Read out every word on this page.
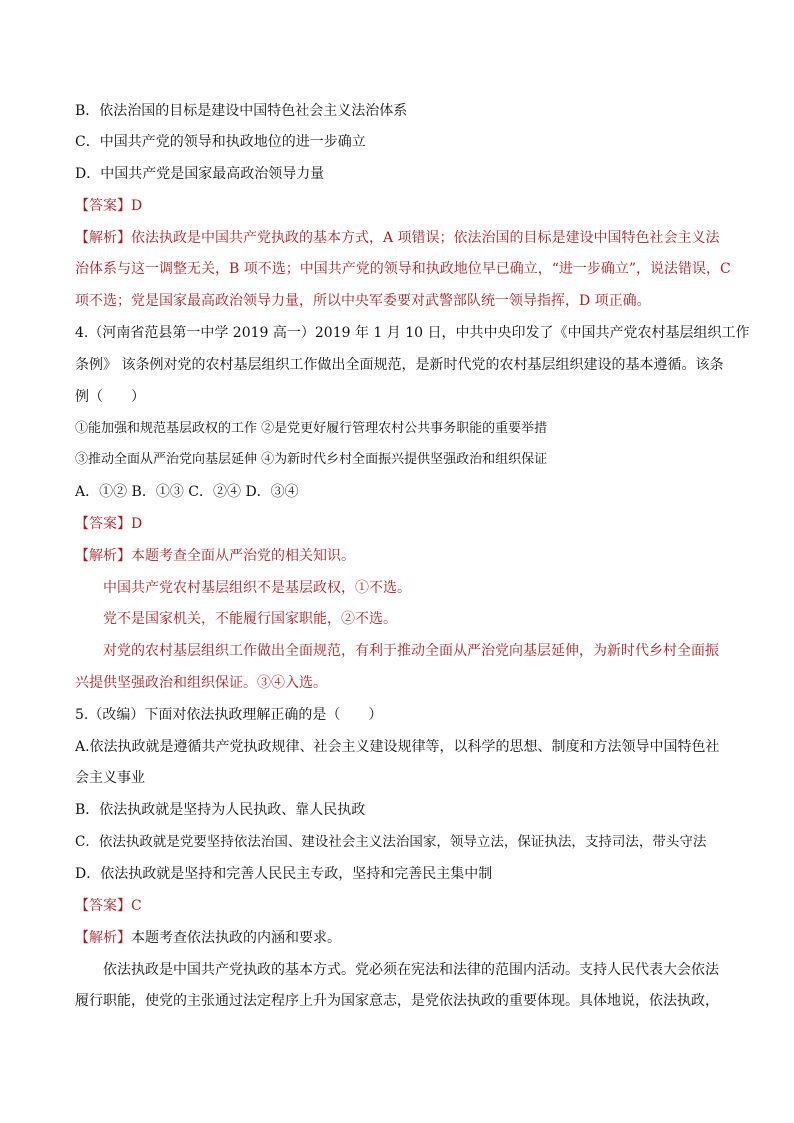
B．依法治国的目标是建设中国特色社会主义法治体系
C．中国共产党的领导和执政地位的进一步确立
D．中国共产党是国家最高政治领导力量
【答案】D
【解析】依法执政是中国共产党执政的基本方式，A 项错误；依法治国的目标是建设中国特色社会主义法
治体系与这一调整无关，B 项不选；中国共产党的领导和执政地位早已确立，“进一步确立”，说法错误，C
项不选；党是国家最高政治领导力量，所以中央军委要对武警部队统一领导指挥，D 项正确。
4.（河南省范县第一中学 2019 高一）2019 年 1 月 10 日，中共中央印发了《中国共产党农村基层组织工作
条例》 该条例对党的农村基层组织工作做出全面规范，是新时代党的农村基层组织建设的基本遵循。该条
例（　　）
①能加强和规范基层政权的工作 ②是党更好履行管理农村公共事务职能的重要举措
③推动全面从严治党向基层延伸 ④为新时代乡村全面振兴提供坚强政治和组织保证
A．①② B．①③ C．②④ D．③④
【答案】D
【解析】本题考查全面从严治党的相关知识。
中国共产党农村基层组织不是基层政权，①不选。
党不是国家机关，不能履行国家职能，②不选。
对党的农村基层组织工作做出全面规范，有利于推动全面从严治党向基层延伸，为新时代乡村全面振
兴提供坚强政治和组织保证。③④入选。
5.（改编）下面对依法执政理解正确的是（　　）
A.依法执政就是遵循共产党执政规律、社会主义建设规律等，以科学的思想、制度和方法领导中国特色社
会主义事业
B．依法执政就是坚持为人民执政、靠人民执政
C．依法执政就是党要坚持依法治国、建设社会主义法治国家，领导立法，保证执法，支持司法，带头守法
D．依法执政就是坚持和完善人民民主专政，坚持和完善民主集中制
【答案】C
【解析】本题考查依法执政的内涵和要求。
依法执政是中国共产党执政的基本方式。党必须在宪法和法律的范围内活动。支持人民代表大会依法
履行职能，使党的主张通过法定程序上升为国家意志，是党依法执政的重要体现。具体地说，依法执政，
